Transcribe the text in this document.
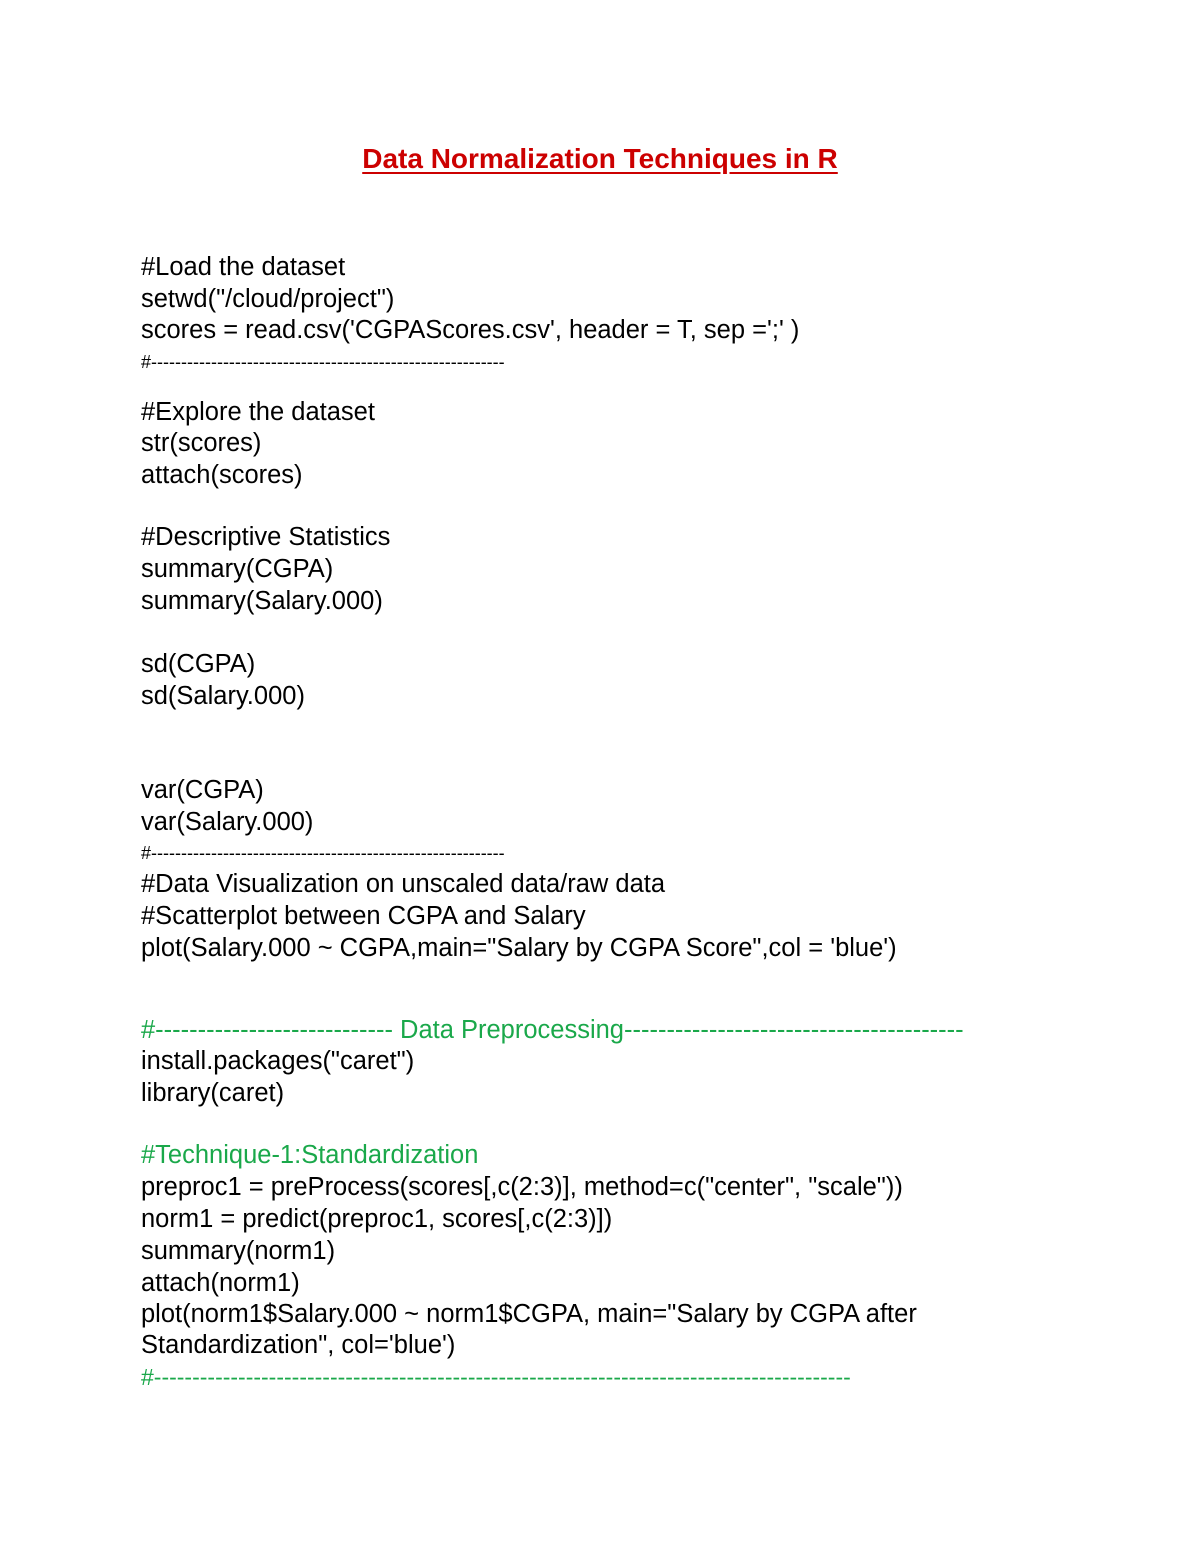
Data Normalization Techniques in R
#Load the dataset
setwd("/cloud/project")
scores = read.csv('CGPAScores.csv', header = T, sep =';' )
#-----------------------------------------------------------
#Explore the dataset
str(scores)
attach(scores)
#Descriptive Statistics
summary(CGPA)
summary(Salary.000)
sd(CGPA)
sd(Salary.000)
var(CGPA)
var(Salary.000)
#-----------------------------------------------------------
#Data Visualization on unscaled data/raw data
#Scatterplot between CGPA and Salary
plot(Salary.000 ~ CGPA,main="Salary by CGPA Score",col = 'blue')
#---------------------------- Data Preprocessing----------------------------------------
install.packages("caret")
library(caret)
#Technique-1:Standardization
preproc1 = preProcess(scores[,c(2:3)], method=c("center", "scale"))
norm1 = predict(preproc1, scores[,c(2:3)])
summary(norm1)
attach(norm1)
plot(norm1$Salary.000 ~ norm1$CGPA, main="Salary by CGPA after
Standardization", col='blue')
#-------------------------------------------------------------------------------------------
